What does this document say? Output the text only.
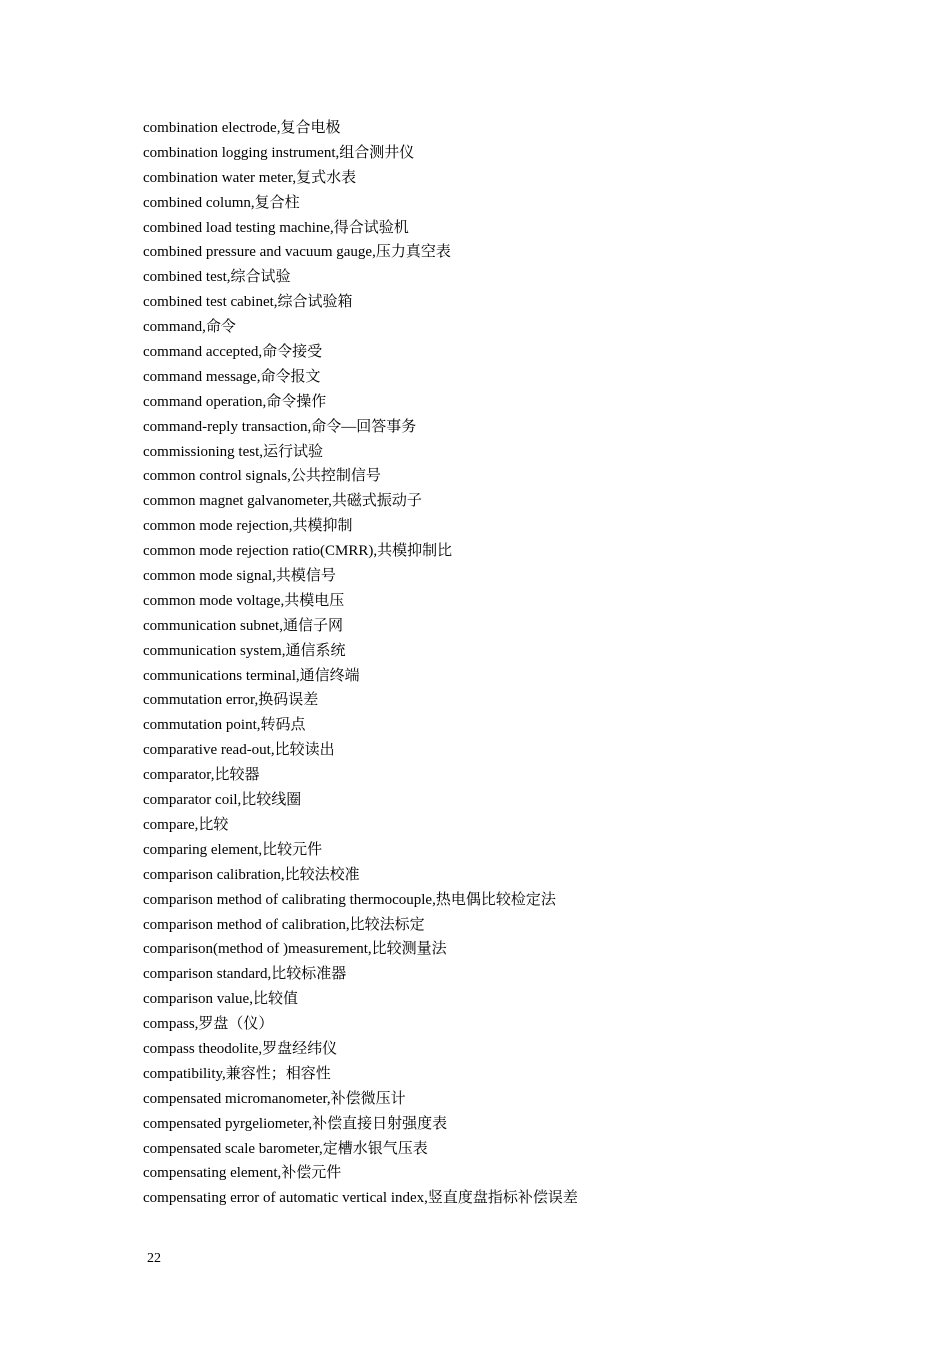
combination electrode,复合电极
combination logging instrument,组合测井仪
combination water meter,复式水表
combined column,复合柱
combined load testing machine,得合试验机
combined pressure and vacuum gauge,压力真空表
combined test,综合试验
combined test cabinet,综合试验箱
command,命令
command accepted,命令接受
command message,命令报文
command operation,命令操作
command-reply transaction,命令—回答事务
commissioning test,运行试验
common control signals,公共控制信号
common magnet galvanometer,共磁式振动子
common mode rejection,共模抑制
common mode rejection ratio(CMRR),共模抑制比
common mode signal,共模信号
common mode voltage,共模电压
communication subnet,通信子网
communication system,通信系统
communications terminal,通信终端
commutation error,换码误差
commutation point,转码点
comparative read-out,比较读出
comparator,比较器
comparator coil,比较线圈
compare,比较
comparing element,比较元件
comparison calibration,比较法校准
comparison method of calibrating thermocouple,热电偶比较检定法
comparison method of calibration,比较法标定
comparison(method of )measurement,比较测量法
comparison standard,比较标准器
comparison value,比较值
compass,罗盘（仪）
compass theodolite,罗盘经纬仪
compatibility,兼容性；相容性
compensated micromanometer,补偿微压计
compensated pyrgeliometer,补偿直接日射强度表
compensated scale barometer,定槽水银气压表
compensating element,补偿元件
compensating error of automatic vertical index,竖直度盘指标补偿误差
22
